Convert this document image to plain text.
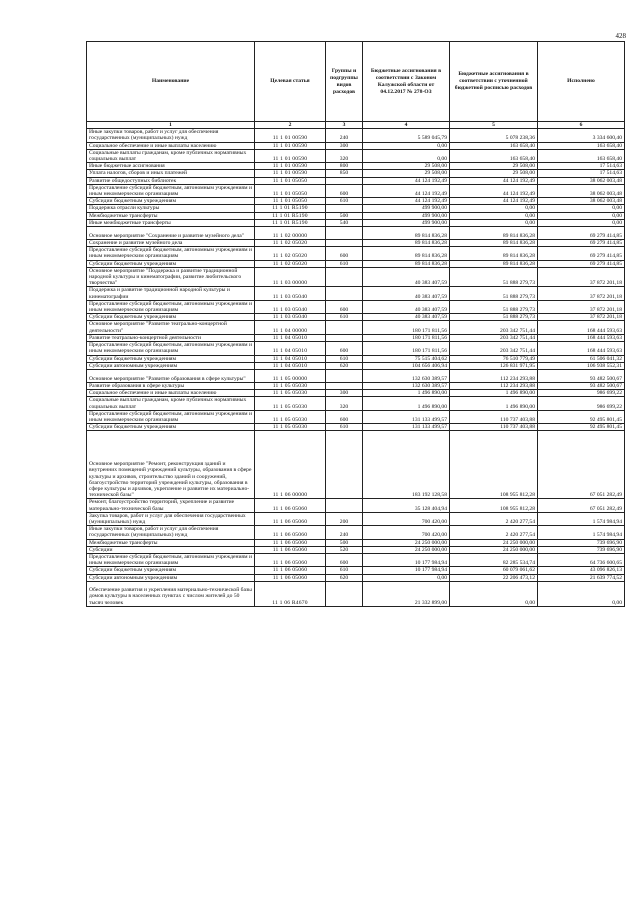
428
Наименование	Целевая статья	Группы и подгруппы видов расходов	Бюджетные ассигнования в соответствии с Законом Калужской области от 04.12.2017 № 278-ОЗ	Бюджетные ассигнования в соответствии с уточненной бюджетной росписью расходов	Исполнено
1	2	3	4	5	6
Иные закупки товаров, работ и услуг для обеспечения государственных (муниципальных) нужд	11 1 01 00590	240	5 589 045,79	5 078 238,36	3 334 600,40
Социальное обеспечение и иные выплаты населению	11 1 01 00590	300	0,00	163 658,40	163 658,40
Социальные выплаты гражданам, кроме публичных нормативных социальных выплат	11 1 01 00590	320	0,00	163 658,40	163 658,40
Иные бюджетные ассигнования	11 1 01 00590	800	29 508,00	29 508,00	17 514,63
Уплата налогов, сборов и иных платежей	11 1 01 00590	850	29 508,00	29 508,00	17 514,63
Развитие общедоступных библиотек	11 1 01 05050		44 124 192,49	44 124 192,49	38 062 003,48
Предоставление субсидий бюджетным, автономным учреждениям и иным некоммерческим организациям	11 1 01 05050	600	44 124 192,49	44 124 192,49	38 062 003,48
Субсидии бюджетным учреждениям	11 1 01 05050	610	44 124 192,49	44 124 192,49	38 062 003,48
Поддержка отрасли культуры	11 1 01 R5190		499 900,00	0,00	0,00
Межбюджетные трансферты	11 1 01 R5190	500	499 900,00	0,00	0,00
Иные межбюджетные трансферты	11 1 01 R5190	540	499 900,00	0,00	0,00
Основное мероприятие "Сохранение и развитие музейного дела"	11 1 02 00000		89 814 836,28	89 814 836,28	69 279 414,85
Сохранение и развитие музейного дела	11 1 02 05020		89 814 836,28	89 814 836,28	69 279 414,85
Предоставление субсидий бюджетным, автономным учреждениям и иным некоммерческим организациям	11 1 02 05020	600	89 814 836,28	89 814 836,28	69 279 414,85
Субсидии бюджетным учреждениям	11 1 02 05020	610	89 814 836,28	89 814 836,28	69 279 414,85
Основное мероприятие "Поддержка и развитие традиционной народной культуры и кинематографии, развитие любительского творчества"	11 1 03 00000		40 383 407,59	51 888 279,73	37 872 201,18
Поддержка и развитие традиционной народной культуры и кинематографии	11 1 03 05040		40 383 407,59	51 888 279,73	37 872 201,18
Предоставление субсидий бюджетным, автономным учреждениям и иным некоммерческим организациям	11 1 03 05040	600	40 383 407,59	51 888 279,73	37 872 201,18
Субсидии бюджетным учреждениям	11 1 03 05040	610	40 383 407,59	51 888 279,73	37 872 201,18
Основное мероприятие "Развитие театрально-концертной деятельности"	11 1 04 00000		180 171 811,56	203 342 751,44	168 444 593,63
Развитие театрально-концертной деятельности	11 1 04 05010		180 171 811,56	203 342 751,44	168 444 593,63
Предоставление субсидий бюджетным, автономным учреждениям и иным некоммерческим организациям	11 1 04 05010	600	180 171 811,56	203 342 751,44	168 444 593,63
Субсидии бюджетным учреждениям	11 1 04 05010	610	75 515 404,62	76 510 779,49	61 506 041,32
Субсидии автономным учреждениям	11 1 04 05010	620	104 656 406,94	126 831 971,95	106 938 552,31
Основное мероприятие "Развитие образования в сфере культуры"	11 1 05 00000		132 630 389,57	112 234 293,88	93 482 500,67
Развитие образования в сфере культуры	11 1 05 05030		132 630 389,57	112 234 293,88	93 482 500,67
Социальное обеспечение и иные выплаты населению	11 1 05 05030	300	1 496 890,00	1 496 890,00	986 699,22
Социальные выплаты гражданам, кроме публичных нормативных социальных выплат	11 1 05 05030	320	1 496 890,00	1 496 890,00	986 699,22
Предоставление субсидий бюджетным, автономным учреждениям и иным некоммерческим организациям	11 1 05 05030	600	131 133 499,57	110 737 403,88	92 495 801,45
Субсидии бюджетным учреждениям	11 1 05 05030	610	131 133 499,57	110 737 403,88	92 495 801,45
Основное мероприятие "Ремонт, реконструкция зданий и внутренних помещений учреждений культуры, образования в сфере культуры и архивов, строительство зданий и сооружений, благоустройство территорий учреждений культуры, образования в сфере культуры и архивов, укрепление и развитие их материально-технической базы"	11 1 06 00000		183 192 128,58	108 955 812,28	67 051 282,49
Ремонт, благоустройство территорий, укрепление и развитие материально-технической базы	11 1 06 05060		35 128 404,94	108 955 812,28	67 051 282,49
Закупка товаров, работ и услуг для обеспечения государственных (муниципальных) нужд	11 1 06 05060	200	700 420,00	2 420 277,54	1 574 984,94
Иные закупки товаров, работ и услуг для обеспечения государственных (муниципальных) нужд	11 1 06 05060	240	700 420,00	2 420 277,54	1 574 984,94
Межбюджетные трансферты	11 1 06 05060	500	24 250 000,00	24 250 000,00	739 696,90
Субсидии	11 1 06 05060	520	24 250 000,00	24 250 000,00	739 696,90
Предоставление субсидий бюджетным, автономным учреждениям и иным некоммерческим организациям	11 1 06 05060	600	10 177 984,94	82 285 534,74	64 736 600,65
Субсидии бюджетным учреждениям	11 1 06 05060	610	10 177 984,94	60 079 061,62	43 096 826,13
Субсидии автономным учреждениям	11 1 06 05060	620	0,00	22 206 473,12	21 639 774,52
Обеспечение развития и укрепления материально-технической базы домов культуры в населенных пунктах с числом жителей до 50 тысяч человек	11 1 06 R4670		21 332 899,00	0,00	0,00
